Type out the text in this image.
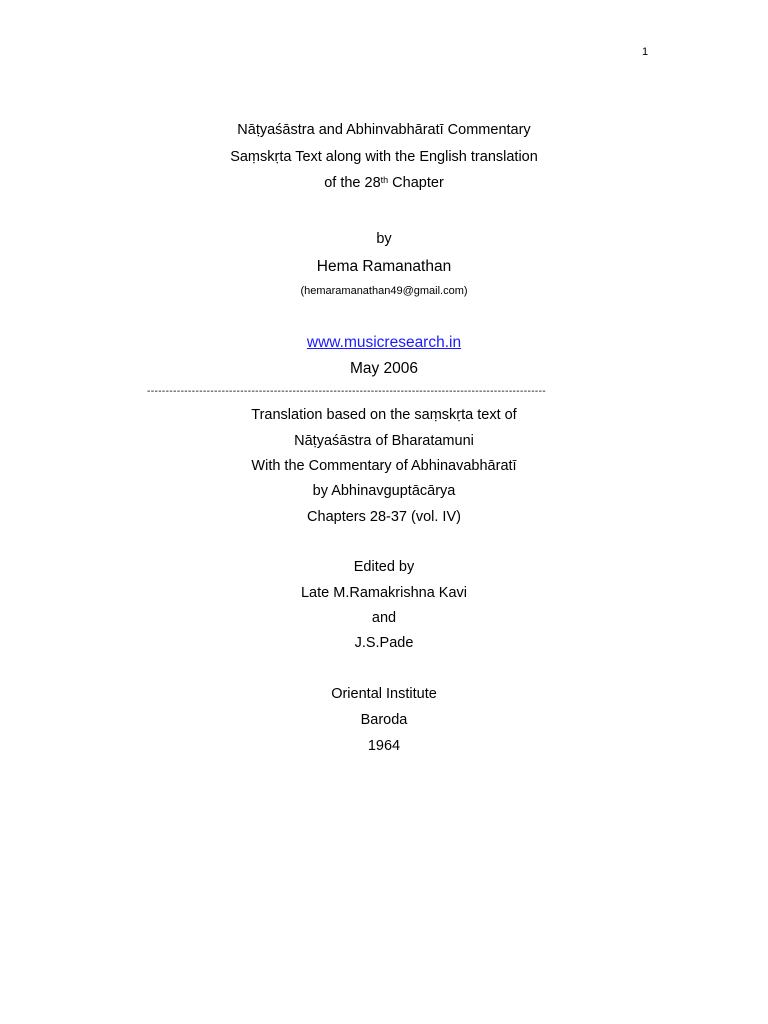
1
Nāṭyaśāstra and Abhinvabhāratī Commentary
Saṃskṛta Text along with the English translation
of the 28th Chapter
by
Hema Ramanathan
(hemaramanathan49@gmail.com)
www.musicresearch.in
May 2006
-----------------------------------------------------------------------------------------------------------
Translation based on the saṃskṛta text of
Nāṭyaśāstra of Bharatamuni
With the Commentary of Abhinavabhāratī
by Abhinavguptācārya
Chapters 28-37 (vol. IV)
Edited by
Late M.Ramakrishna Kavi
and
J.S.Pade
Oriental Institute
Baroda
1964
